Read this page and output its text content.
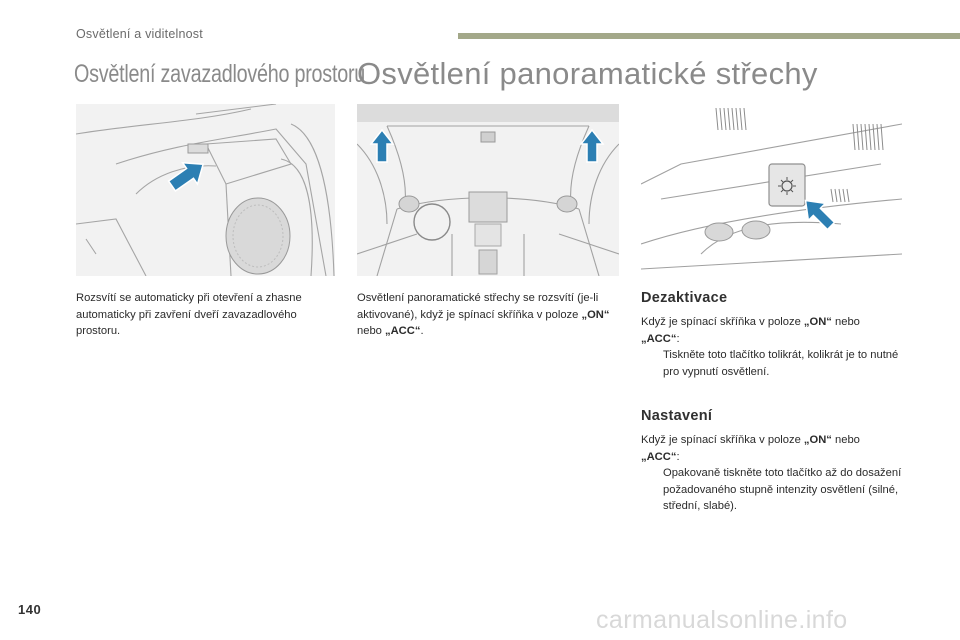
Osvětlení a viditelnost
Osvětlení zavazadlového prostoru
Osvětlení panoramatické střechy
Rozsvítí se automaticky při otevření a zhasne automaticky při zavření dveří zavazadlového prostoru.
Osvětlení panoramatické střechy se rozsvítí (je-li aktivované), když je spínací skříňka v poloze „ON“ nebo „ACC“.
Dezaktivace
Když je spínací skříňka v poloze „ON“ nebo
„ACC“:
Tiskněte toto tlačítko tolikrát, kolikrát je to nutné pro vypnutí osvětlení.
Nastavení
Když je spínací skříňka v poloze „ON“ nebo
„ACC“:
Opakovaně tiskněte toto tlačítko až do dosažení požadovaného stupně intenzity osvětlení (silné, střední, slabé).
140	carmanualsonline.info
